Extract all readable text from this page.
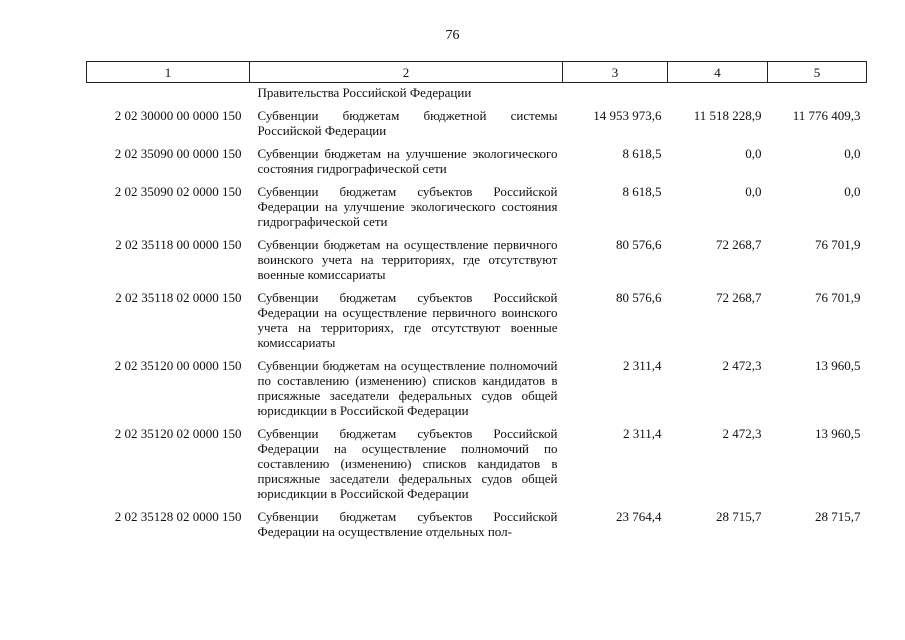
76
1	2	3	4	5
	Правительства Российской Федерации			
2 02 30000 00 0000 150	Субвенции бюджетам бюджетной системы Российской Федерации	14 953 973,6	11 518 228,9	11 776 409,3
2 02 35090 00 0000 150	Субвенции бюджетам на улучшение экологического состояния гидрографической сети	8 618,5	0,0	0,0
2 02 35090 02 0000 150	Субвенции бюджетам субъектов Российской Федерации на улучшение экологического состояния гидрографической сети	8 618,5	0,0	0,0
2 02 35118 00 0000 150	Субвенции бюджетам на осуществление первичного воинского учета на территориях, где отсутствуют военные комиссариаты	80 576,6	72 268,7	76 701,9
2 02 35118 02 0000 150	Субвенции бюджетам субъектов Российской Федерации на осуществление первичного воинского учета на территориях, где отсутствуют военные комиссариаты	80 576,6	72 268,7	76 701,9
2 02 35120 00 0000 150	Субвенции бюджетам на осуществление полномочий по составлению (изменению) списков кандидатов в присяжные заседатели федеральных судов общей юрисдикции в Российской Федерации	2 311,4	2 472,3	13 960,5
2 02 35120 02 0000 150	Субвенции бюджетам субъектов Российской Федерации на осуществление полномочий по составлению (изменению) списков кандидатов в присяжные заседатели федеральных судов общей юрисдикции в Российской Федерации	2 311,4	2 472,3	13 960,5
2 02 35128 02 0000 150	Субвенции бюджетам субъектов Российской Федерации на осуществление отдельных пол-	23 764,4	28 715,7	28 715,7
